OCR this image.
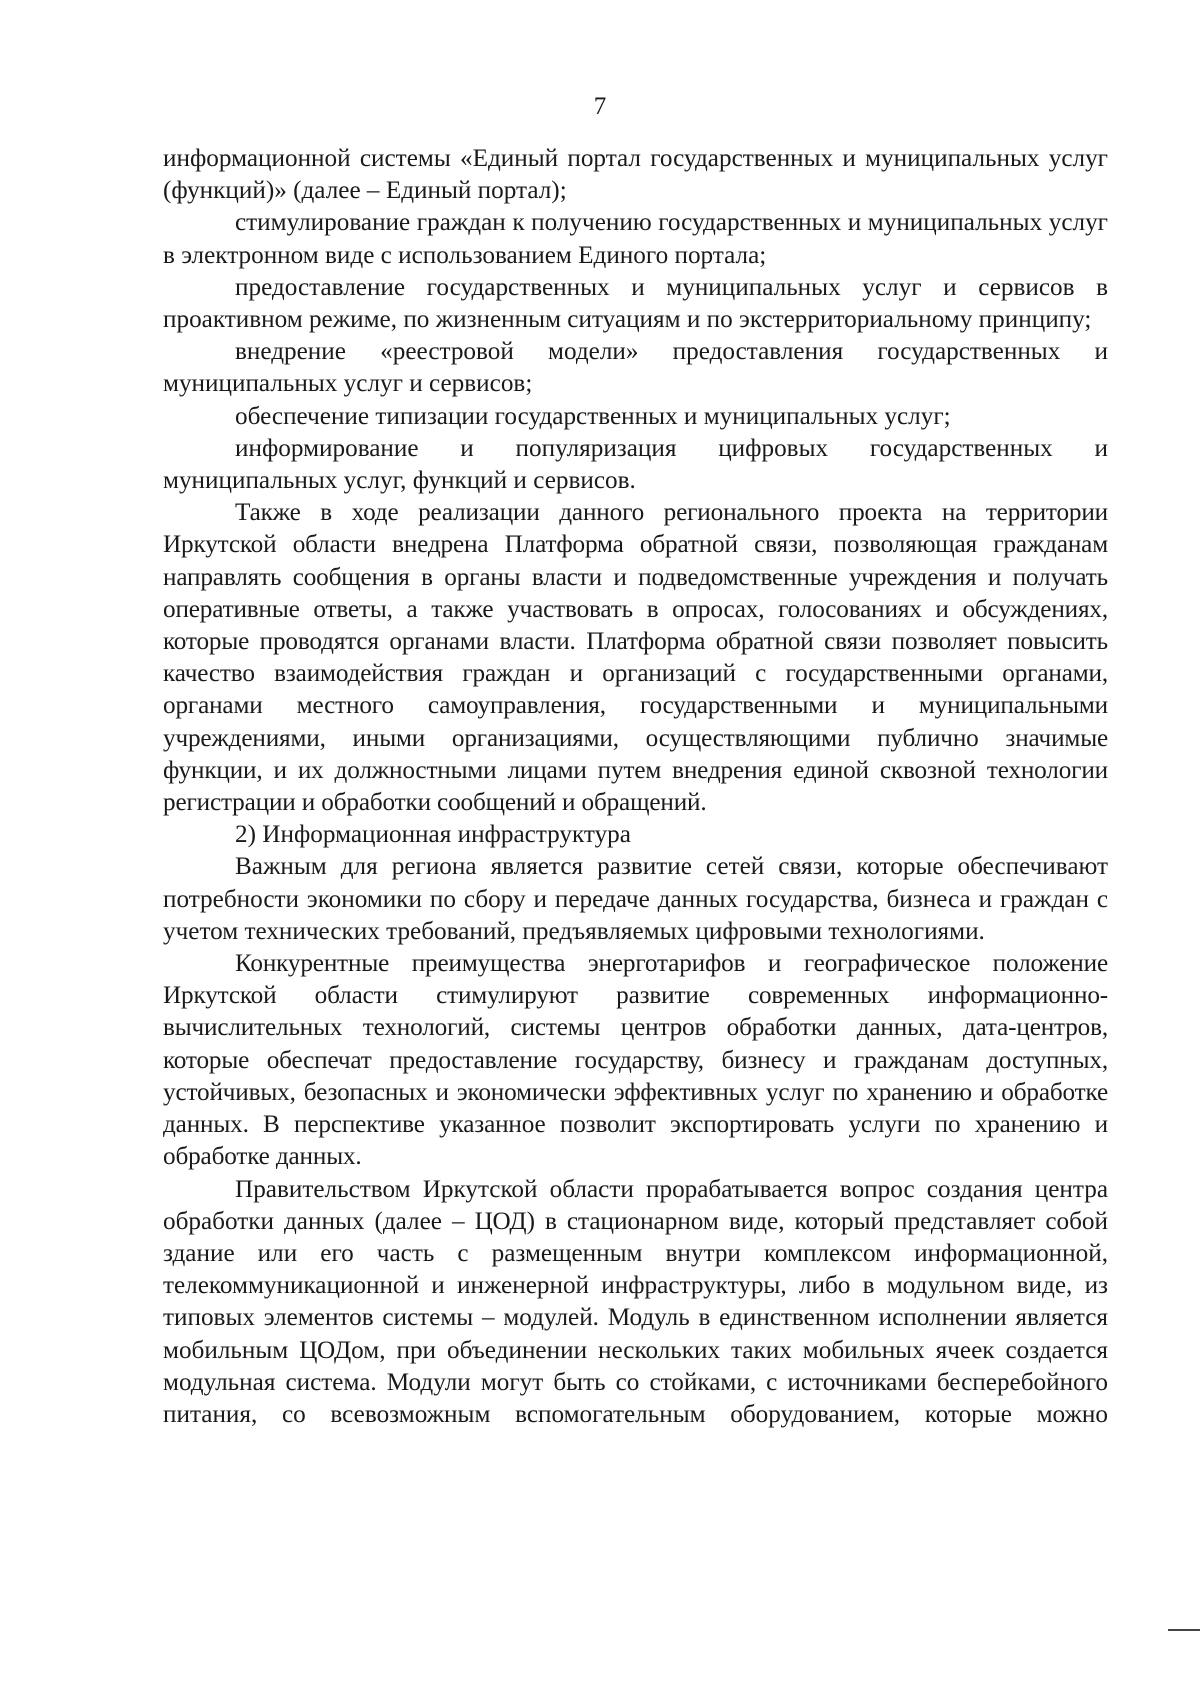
7

информационной системы «Единый портал государственных и муниципальных услуг (функций)» (далее – Единый портал);

стимулирование граждан к получению государственных и муниципальных услуг в электронном виде с использованием Единого портала;

предоставление государственных и муниципальных услуг и сервисов в проактивном режиме, по жизненным ситуациям и по экстерриториальному принципу;

внедрение «реестровой модели» предоставления государственных и муниципальных услуг и сервисов;

обеспечение типизации государственных и муниципальных услуг;

информирование и популяризация цифровых государственных и муниципальных услуг, функций и сервисов.

Также в ходе реализации данного регионального проекта на территории Иркутской области внедрена Платформа обратной связи, позволяющая гражданам направлять сообщения в органы власти и подведомственные учреждения и получать оперативные ответы, а также участвовать в опросах, голосованиях и обсуждениях, которые проводятся органами власти. Платформа обратной связи позволяет повысить качество взаимодействия граждан и организаций с государственными органами, органами местного самоуправления, государственными и муниципальными учреждениями, иными организациями, осуществляющими публично значимые функции, и их должностными лицами путем внедрения единой сквозной технологии регистрации и обработки сообщений и обращений.

2) Информационная инфраструктура

Важным для региона является развитие сетей связи, которые обеспечивают потребности экономики по сбору и передаче данных государства, бизнеса и граждан с учетом технических требований, предъявляемых цифровыми технологиями.

Конкурентные преимущества энерготарифов и географическое положение Иркутской области стимулируют развитие современных информационно-вычислительных технологий, системы центров обработки данных, дата-центров, которые обеспечат предоставление государству, бизнесу и гражданам доступных, устойчивых, безопасных и экономически эффективных услуг по хранению и обработке данных. В перспективе указанное позволит экспортировать услуги по хранению и обработке данных.

Правительством Иркутской области прорабатывается вопрос создания центра обработки данных (далее – ЦОД) в стационарном виде, который представляет собой здание или его часть с размещенным внутри комплексом информационной, телекоммуникационной и инженерной инфраструктуры, либо в модульном виде, из типовых элементов системы – модулей. Модуль в единственном исполнении является мобильным ЦОДом, при объединении нескольких таких мобильных ячеек создается модульная система. Модули могут быть со стойками, с источниками бесперебойного питания, со всевозможным вспомогательным оборудованием, которые можно
